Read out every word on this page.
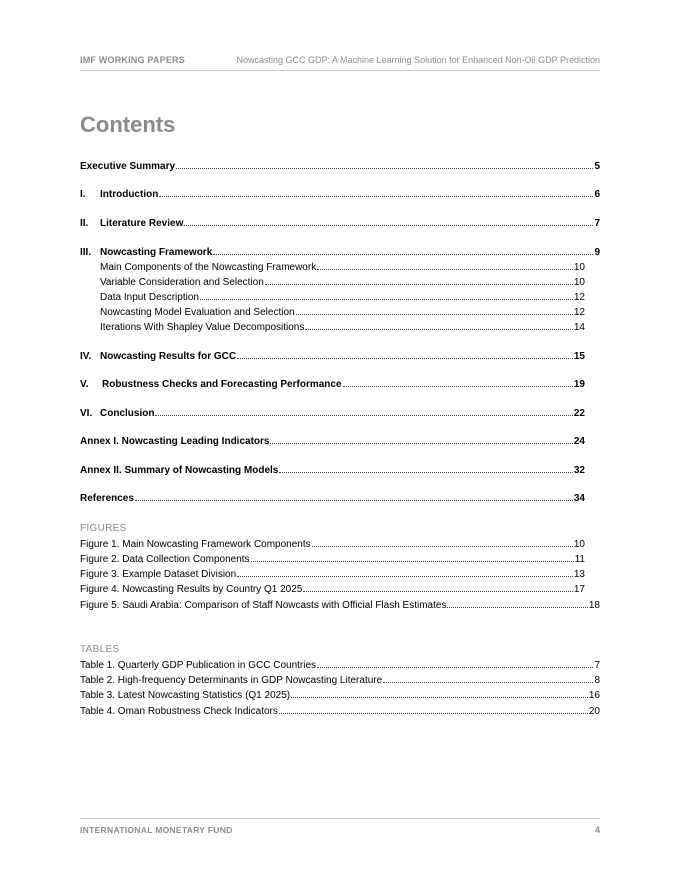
IMF WORKING PAPERS	Nowcasting GCC GDP: A Machine Learning Solution for Enhanced Non-Oil GDP Prediction
Contents
Executive Summary	5
I.	Introduction	6
II.	Literature Review	7
III. Nowcasting Framework	9
Main Components of the Nowcasting Framework	10
Variable Consideration and Selection	10
Data Input Description	12
Nowcasting Model Evaluation and Selection	12
Iterations With Shapley Value Decompositions	14
IV. Nowcasting Results for GCC	15
V.	Robustness Checks and Forecasting Performance	19
VI. Conclusion	22
Annex I. Nowcasting Leading Indicators	24
Annex II. Summary of Nowcasting Models	32
References	34
FIGURES
Figure 1. Main Nowcasting Framework Components	10
Figure 2. Data Collection Components	11
Figure 3. Example Dataset Division	13
Figure 4. Nowcasting Results by Country Q1 2025	17
Figure 5. Saudi Arabia: Comparison of Staff Nowcasts with Official Flash Estimates	18
TABLES
Table 1. Quarterly GDP Publication in GCC Countries	7
Table 2. High-frequency Determinants in GDP Nowcasting Literature	8
Table 3. Latest Nowcasting Statistics (Q1 2025)	16
Table 4. Oman Robustness Check Indicators	20
INTERNATIONAL MONETARY FUND	4
